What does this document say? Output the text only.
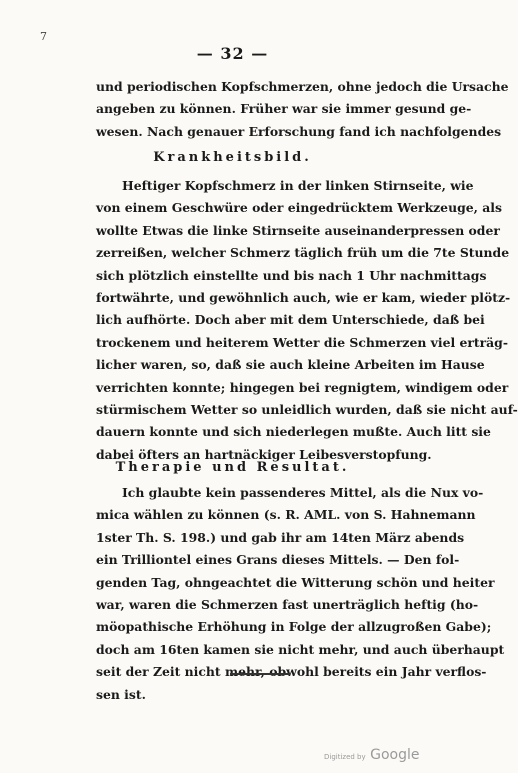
7
— 32 —
und periodischen Kopfschmerzen, ohne jedoch die Ursache
angeben zu können. Früher war sie immer gesund ge-
wesen. Nach genauer Erforschung fand ich nachfolgendes
Krankheitsbild.
Heftiger Kopfschmerz in der linken Stirnseite, wie
von einem Geschwüre oder eingedrücktem Werkzeuge, als
wollte Etwas die linke Stirnseite auseinanderpressen oder
zerreißen, welcher Schmerz täglich früh um die 7te Stunde
sich plötzlich einstellte und bis nach 1 Uhr nachmittags
fortwährte, und gewöhnlich auch, wie er kam, wieder plötz-
lich aufhörte. Doch aber mit dem Unterschiede, daß bei
trockenem und heiterem Wetter die Schmerzen viel erträg-
licher waren, so, daß sie auch kleine Arbeiten im Hause
verrichten konnte; hingegen bei regnigtem, windigem oder
stürmischem Wetter so unleidlich wurden, daß sie nicht auf-
dauern konnte und sich niederlegen mußte. Auch litt sie
dabei öfters an hartnäckiger Leibesverstopfung.
Therapie und Resultat.
Ich glaubte kein passenderes Mittel, als die Nux vo-
mica wählen zu können (s. R. AML. von S. Hahnemann
1ster Th. S. 198.) und gab ihr am 14ten März abends
ein Trilliontel eines Grans dieses Mittels. — Den fol-
genden Tag, ohngeachtet die Witterung schön und heiter
war, waren die Schmerzen fast unerträglich heftig (ho-
möopathische Erhöhung in Folge der allzugroßen Gabe);
doch am 16ten kamen sie nicht mehr, und auch überhaupt
seit der Zeit nicht mehr, obwohl bereits ein Jahr verflos-
sen ist.
Digitized by Google
